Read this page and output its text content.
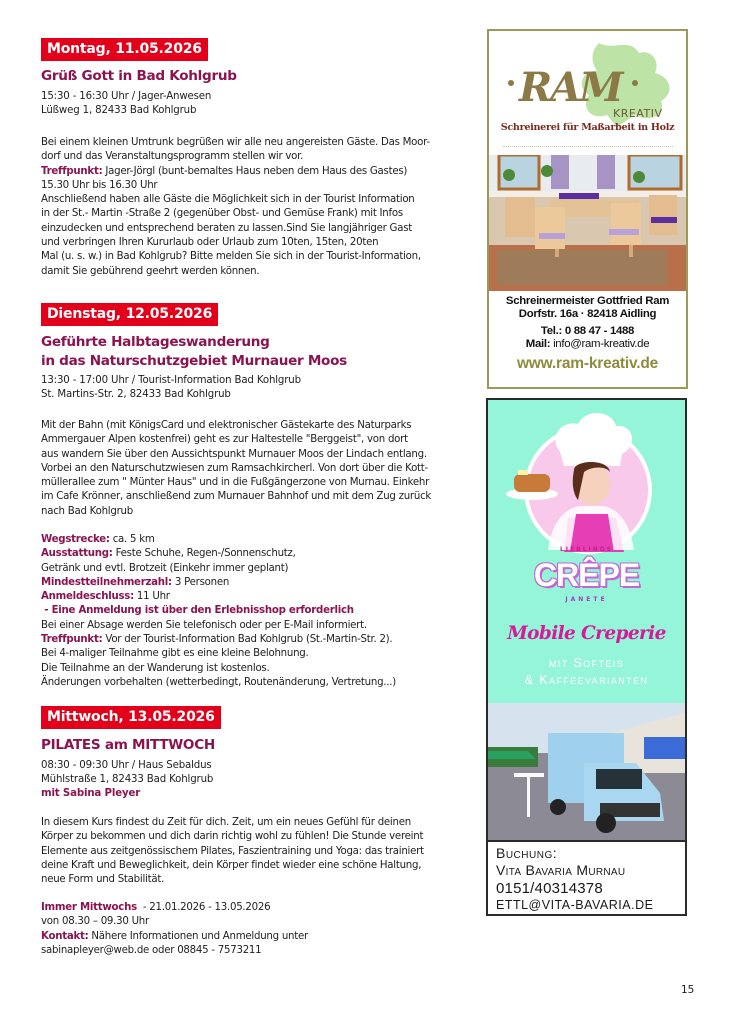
Montag, 11.05.2026
Grüß Gott in Bad Kohlgrub
15:30 - 16:30 Uhr / Jager-Anwesen
Lüßweg 1, 82433 Bad Kohlgrub
Bei einem kleinen Umtrunk begrüßen wir alle neu angereisten Gäste. Das Moor-
dorf und das Veranstaltungsprogramm stellen wir vor.
Treffpunkt: Jager-Jörgl (bunt-bemaltes Haus neben dem Haus des Gastes)
15.30 Uhr bis 16.30 Uhr
Anschließend haben alle Gäste die Möglichkeit sich in der Tourist Information
in der St.- Martin -Straße 2 (gegenüber Obst- und Gemüse Frank) mit Infos
einzudecken und entsprechend beraten zu lassen.Sind Sie langjähriger Gast
und verbringen Ihren Kururlaub oder Urlaub zum 10ten, 15ten, 20ten
Mal (u. s. w.) in Bad Kohlgrub? Bitte melden Sie sich in der Tourist-Information,
damit Sie gebührend geehrt werden können.
Dienstag, 12.05.2026
Geführte Halbtageswanderung
in das Naturschutzgebiet Murnauer Moos
13:30 - 17:00 Uhr / Tourist-Information Bad Kohlgrub
St. Martins-Str. 2, 82433 Bad Kohlgrub
Mit der Bahn (mit KönigsCard und elektronischer Gästekarte des Naturparks
Ammergauer Alpen kostenfrei) geht es zur Haltestelle "Berggeist", von dort
aus wandern Sie über den Aussichtspunkt Murnauer Moos der Lindach entlang.
Vorbei an den Naturschutzwiesen zum Ramsachkircherl. Von dort über die Kott-
müllerallee zum " Münter Haus" und in die Fußgängerzone von Murnau. Einkehr
im Cafe Krönner, anschließend zum Murnauer Bahnhof und mit dem Zug zurück
nach Bad Kohlgrub
Wegstrecke: ca. 5 km
Ausstattung: Feste Schuhe, Regen-/Sonnenschutz,
Getränk und evtl. Brotzeit (Einkehr immer geplant)
Mindestteilnehmerzahl: 3 Personen
Anmeldeschluss: 11 Uhr
- Eine Anmeldung ist über den Erlebnisshop erforderlich
Bei einer Absage werden Sie telefonisch oder per E-Mail informiert.
Treffpunkt: Vor der Tourist-Information Bad Kohlgrub (St.-Martin-Str. 2).
Bei 4-maliger Teilnahme gibt es eine kleine Belohnung.
Die Teilnahme an der Wanderung ist kostenlos.
Änderungen vorbehalten (wetterbedingt, Routenänderung, Vertretung...)
Mittwoch, 13.05.2026
PILATES am MITTWOCH
08:30 - 09:30 Uhr / Haus Sebaldus
Mühlstraße 1, 82433 Bad Kohlgrub
mit Sabina Pleyer
In diesem Kurs findest du Zeit für dich. Zeit, um ein neues Gefühl für deinen
Körper zu bekommen und dich darin richtig wohl zu fühlen! Die Stunde vereint
Elemente aus zeitgenössischem Pilates, Faszientraining und Yoga: das trainiert
deine Kraft und Beweglichkeit, dein Körper findet wieder eine schöne Haltung,
neue Form und Stabilität.
Immer Mittwochs  - 21.01.2026 - 13.05.2026
von 08.30 – 09.30 Uhr
Kontakt: Nähere Informationen und Anmeldung unter
sabinapleyer@web.de oder 08845 - 7573211
RAM
KREATIV
Schreinerei für Maßarbeit in Holz
Schreinermeister Gottfried Ram
Dorfstr. 16a · 82418 Aidling
Tel.: 0 88 47 - 1488
Mail: info@ram-kreativ.de
www.ram-kreativ.de
LIEBLINGS
CRÊPE
JANETE
Mobile Creperie
mit Softeis
& Kaffeevarianten
Buchung:
Vita Bavaria Murnau
0151/40314378
ETTL@VITA-BAVARIA.DE
15
